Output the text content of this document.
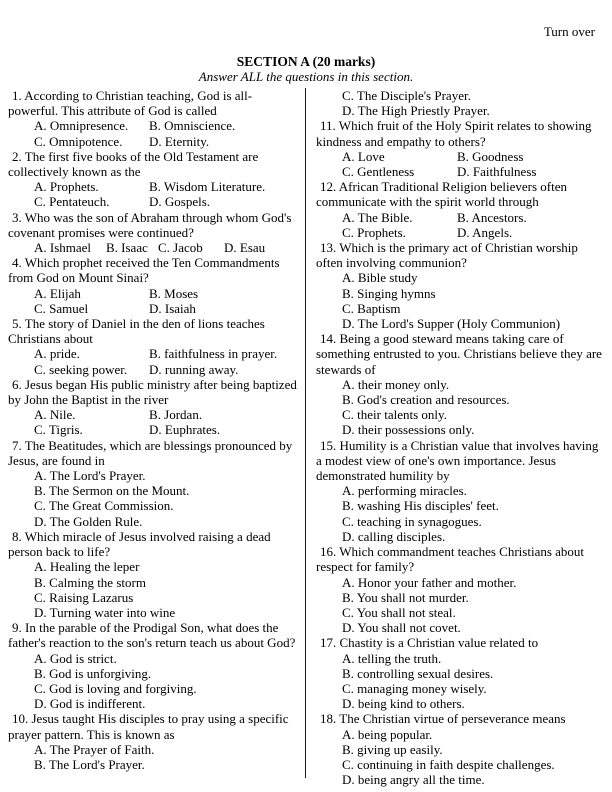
Turn over
SECTION A (20 marks)
Answer ALL the questions in this section.

1. According to Christian teaching, God is all-powerful. This attribute of God is called

A. Omnipresence.	B. Omniscience.
C. Omnipotence.	D. Eternity.

2. The first five books of the Old Testament are collectively known as the

A. Prophets.	B. Wisdom Literature.
C. Pentateuch.	D. Gospels.

3. Who was the son of Abraham through whom God's covenant promises were continued?

A. Ishmael	B. Isaac C. Jacob	D. Esau

4. Which prophet received the Ten Commandments from God on Mount Sinai?

A. Elijah	B. Moses
C. Samuel	D. Isaiah

5. The story of Daniel in the den of lions teaches Christians about

A. pride.	B. faithfulness in prayer.
C. seeking power.	D. running away.

6. Jesus began His public ministry after being baptized by John the Baptist in the river

A. Nile.	B. Jordan.
C. Tigris.	D. Euphrates.

7. The Beatitudes, which are blessings pronounced by Jesus, are found in

A. The Lord's Prayer.
B. The Sermon on the Mount.
C. The Great Commission.
D. The Golden Rule.

8. Which miracle of Jesus involved raising a dead person back to life?

A. Healing the leper
B. Calming the storm
C. Raising Lazarus
D. Turning water into wine

9. In the parable of the Prodigal Son, what does the father's reaction to the son's return teach us about God?

A. God is strict.
B. God is unforgiving.
C. God is loving and forgiving.
D. God is indifferent.

10. Jesus taught His disciples to pray using a specific prayer pattern. This is known as

A. The Prayer of Faith.
B. The Lord's Prayer.
C. The Disciple's Prayer.
D. The High Priestly Prayer.

11. Which fruit of the Holy Spirit relates to showing kindness and empathy to others?

A. Love	B. Goodness
C. Gentleness	D. Faithfulness

12. African Traditional Religion believers often communicate with the spirit world through

A. The Bible.	B. Ancestors.
C. Prophets.	D. Angels.

13. Which is the primary act of Christian worship often involving communion?

A. Bible study
B. Singing hymns
C. Baptism
D. The Lord's Supper (Holy Communion)

14. Being a good steward means taking care of something entrusted to you. Christians believe they are stewards of

A. their money only.
B. God's creation and resources.
C. their talents only.
D. their possessions only.

15. Humility is a Christian value that involves having a modest view of one's own importance. Jesus demonstrated humility by

A. performing miracles.
B. washing His disciples' feet.
C. teaching in synagogues.
D. calling disciples.

16. Which commandment teaches Christians about respect for family?

A. Honor your father and mother.
B. You shall not murder.
C. You shall not steal.
D. You shall not covet.

17. Chastity is a Christian value related to

A. telling the truth.
B. controlling sexual desires.
C. managing money wisely.
D. being kind to others.

18. The Christian virtue of perseverance means

A. being popular.
B. giving up easily.
C. continuing in faith despite challenges.
D. being angry all the time.
